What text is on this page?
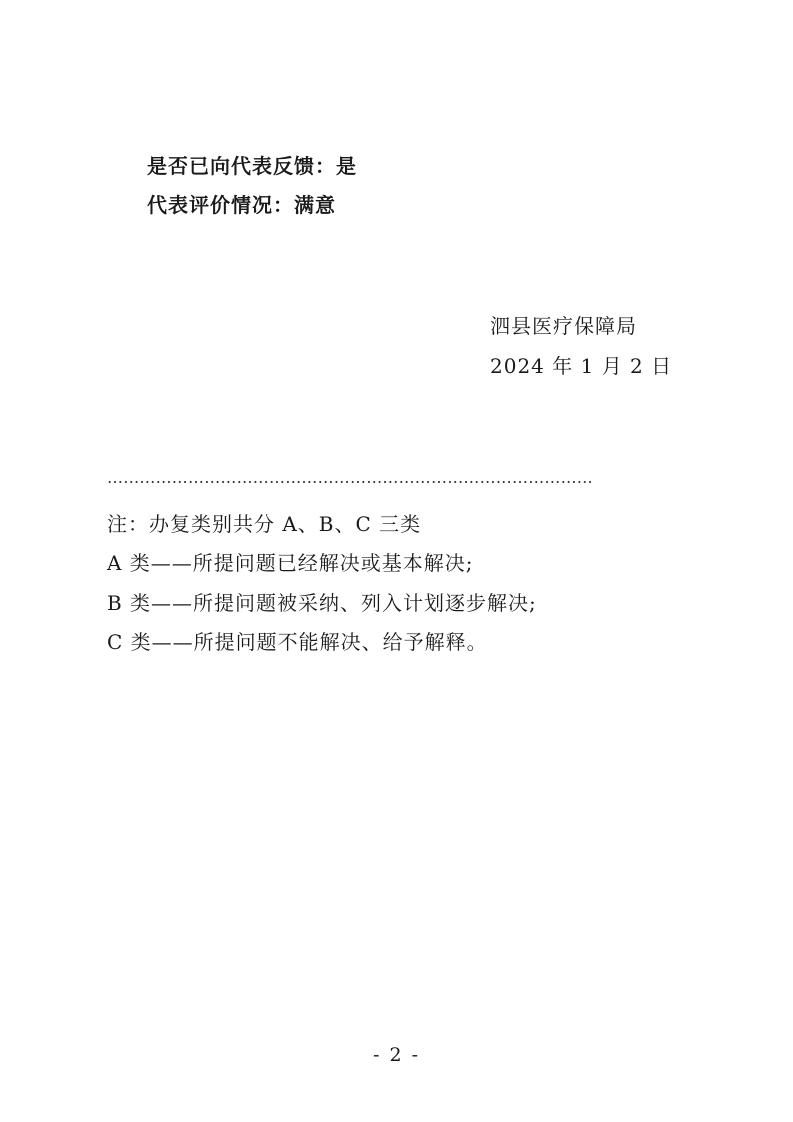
是否已向代表反馈：是
代表评价情况：满意
泗县医疗保障局
2024 年 1 月 2 日
………………………………………………………………………………
注：办复类别共分 A、B、C 三类
A 类——所提问题已经解决或基本解决;
B 类——所提问题被采纳、列入计划逐步解决;
C 类——所提问题不能解决、给予解释。
- 2 -
